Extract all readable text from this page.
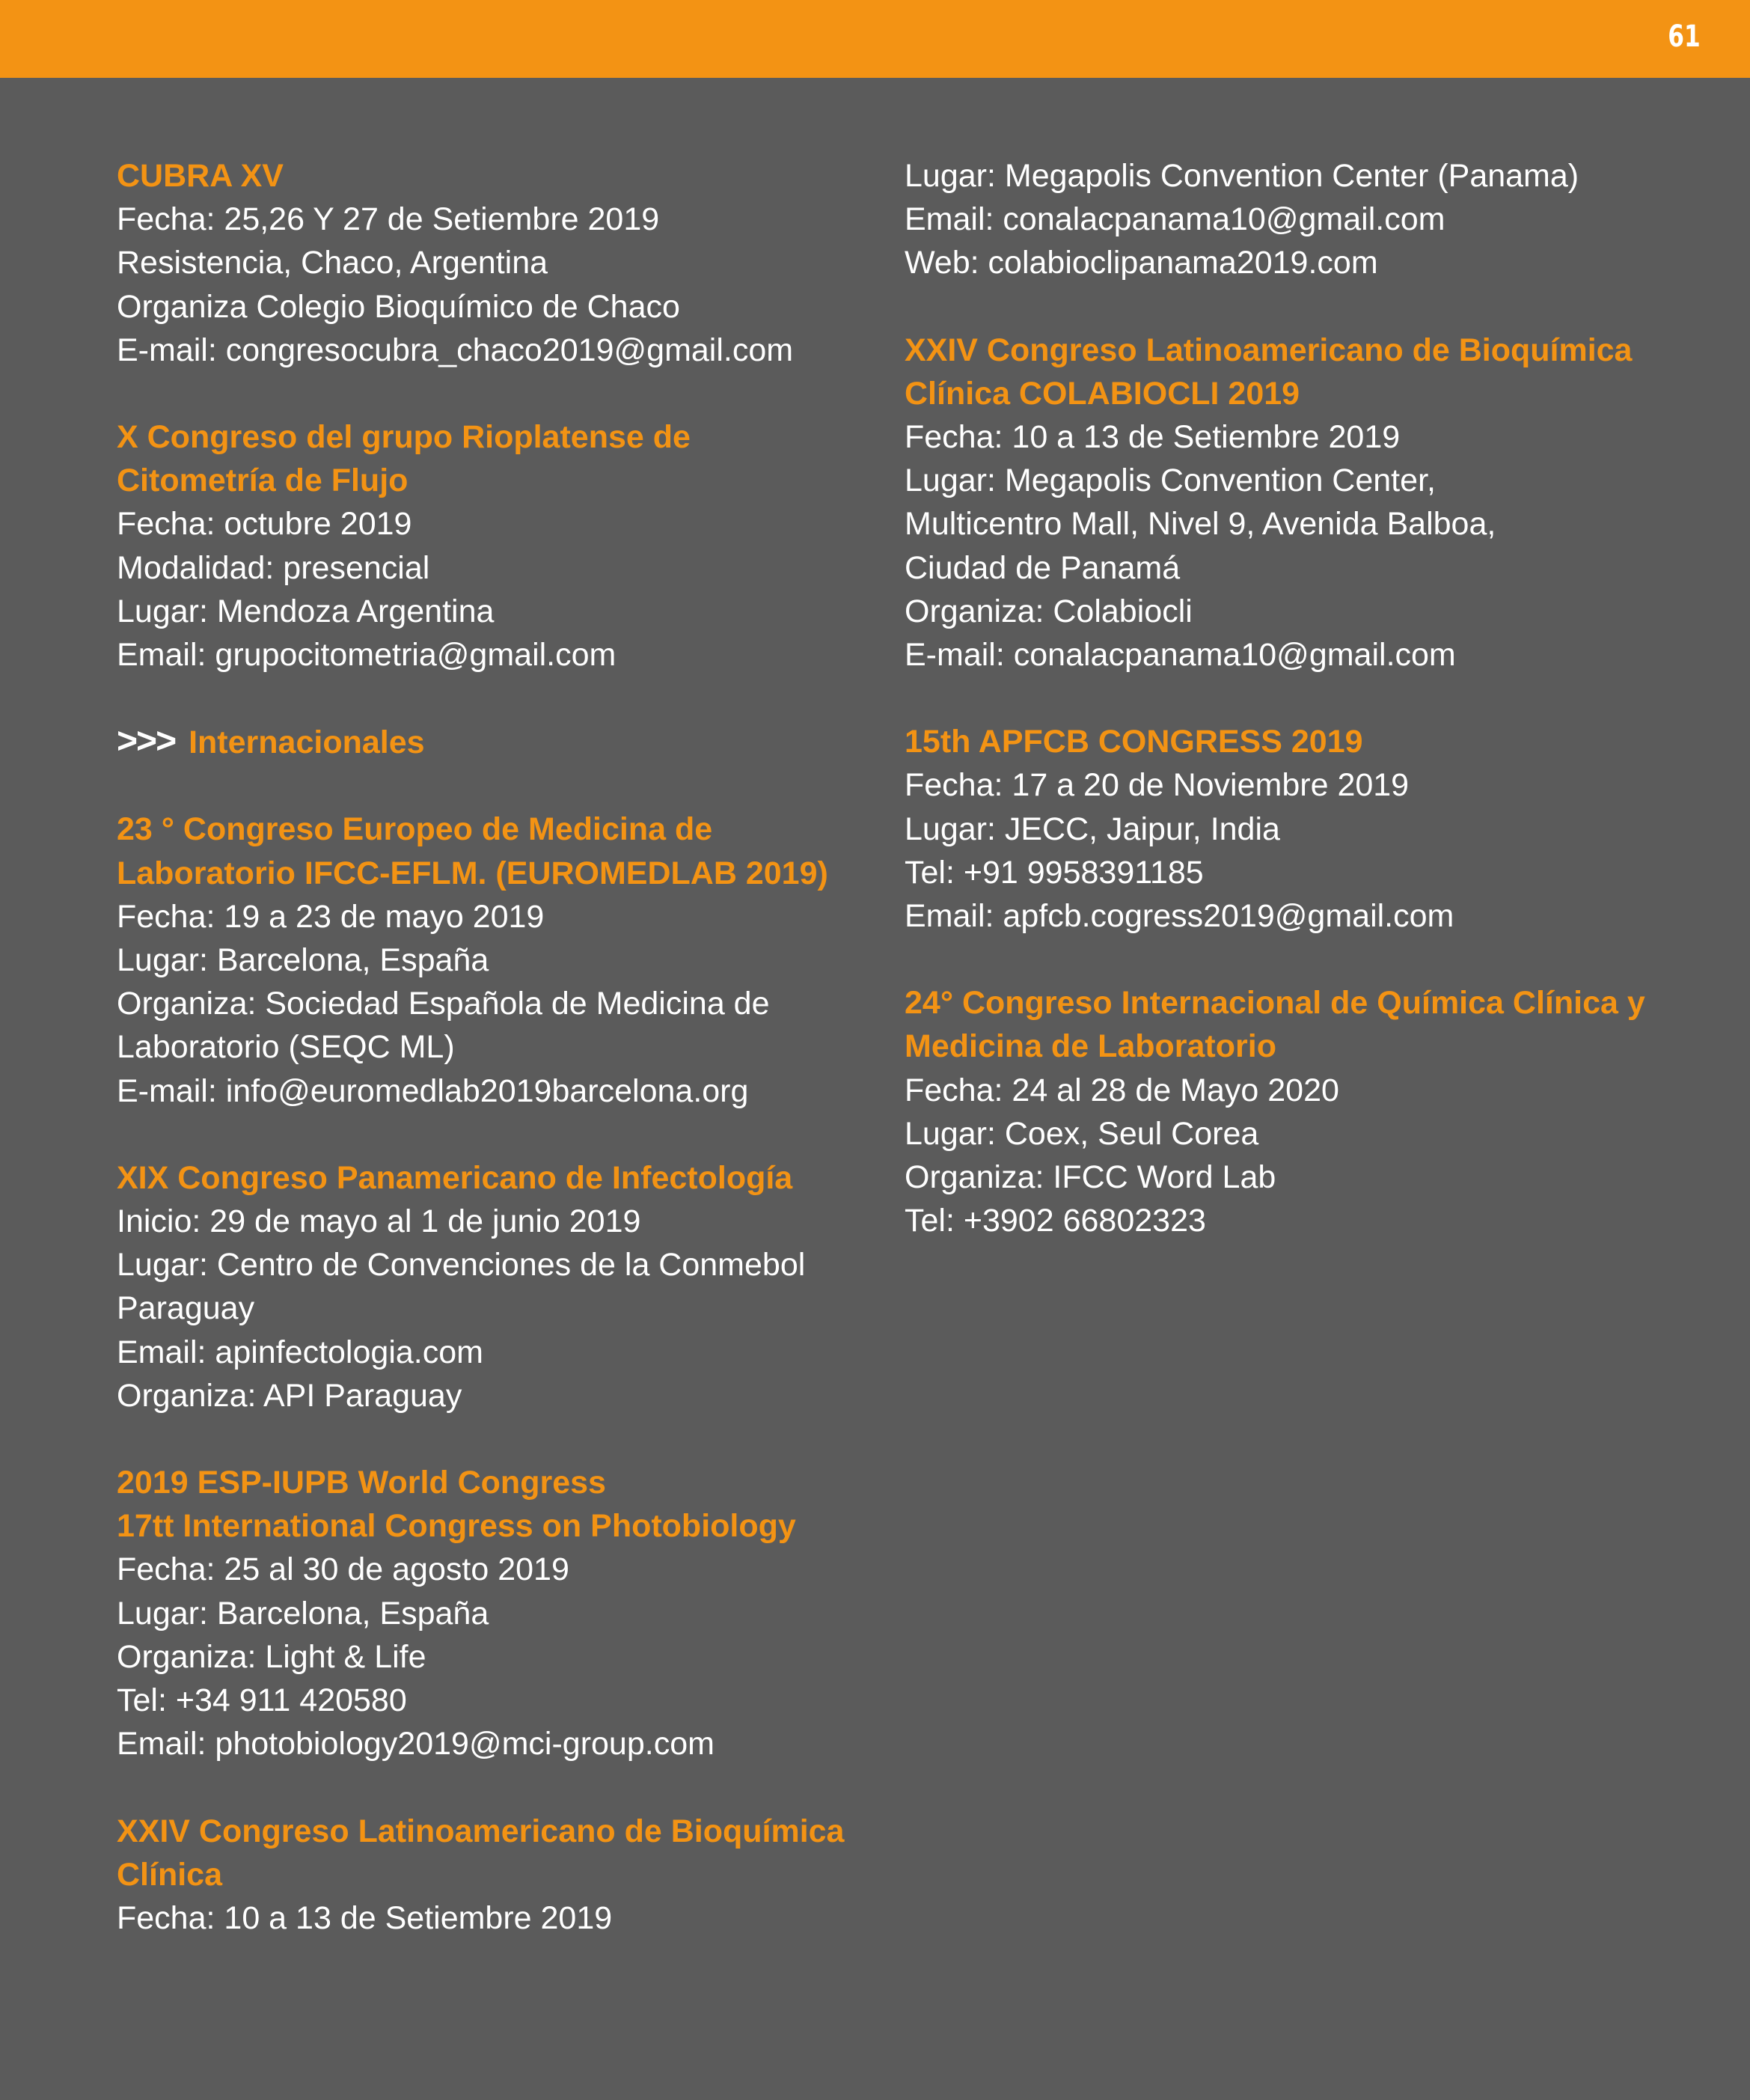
61
CUBRA XV
Fecha: 25,26 Y 27 de Setiembre 2019
Resistencia, Chaco, Argentina
Organiza Colegio Bioquímico de Chaco
E-mail: congresocubra_chaco2019@gmail.com
X Congreso del grupo Rioplatense de
Citometría de Flujo
Fecha: octubre 2019
Modalidad: presencial
Lugar: Mendoza Argentina
Email: grupocitometria@gmail.com
>>> Internacionales
23 ° Congreso Europeo de Medicina de
Laboratorio IFCC-EFLM. (EUROMEDLAB 2019)
Fecha: 19 a 23 de mayo 2019
Lugar: Barcelona, España
Organiza: Sociedad Española de Medicina de
Laboratorio (SEQC ML)
E-mail: info@euromedlab2019barcelona.org
XIX Congreso Panamericano de Infectología
Inicio: 29 de mayo al 1 de junio 2019
Lugar: Centro de Convenciones de la Conmebol
Paraguay
Email: apinfectologia.com
Organiza: API Paraguay
2019 ESP-IUPB World Congress
17tt International Congress on Photobiology
Fecha: 25 al 30 de agosto 2019
Lugar: Barcelona, España
Organiza: Light & Life
Tel: +34 911 420580
Email: photobiology2019@mci-group.com
XXIV Congreso Latinoamericano de Bioquímica
Clínica
Fecha: 10 a 13 de Setiembre 2019
Lugar: Megapolis Convention Center (Panama)
Email: conalacpanama10@gmail.com
Web: colabioclipanama2019.com
XXIV Congreso Latinoamericano de Bioquímica
Clínica COLABIOCLI 2019
Fecha: 10 a 13 de Setiembre 2019
Lugar: Megapolis Convention Center,
Multicentro Mall, Nivel 9, Avenida Balboa,
Ciudad de Panamá
Organiza: Colabiocli
E-mail: conalacpanama10@gmail.com
15th APFCB CONGRESS 2019
Fecha: 17 a 20 de Noviembre 2019
Lugar: JECC, Jaipur, India
Tel: +91 9958391185
Email: apfcb.cogress2019@gmail.com
24° Congreso Internacional de Química Clínica y
Medicina de Laboratorio
Fecha: 24 al 28 de Mayo 2020
Lugar: Coex, Seul Corea
Organiza: IFCC Word Lab
Tel: +3902 66802323
